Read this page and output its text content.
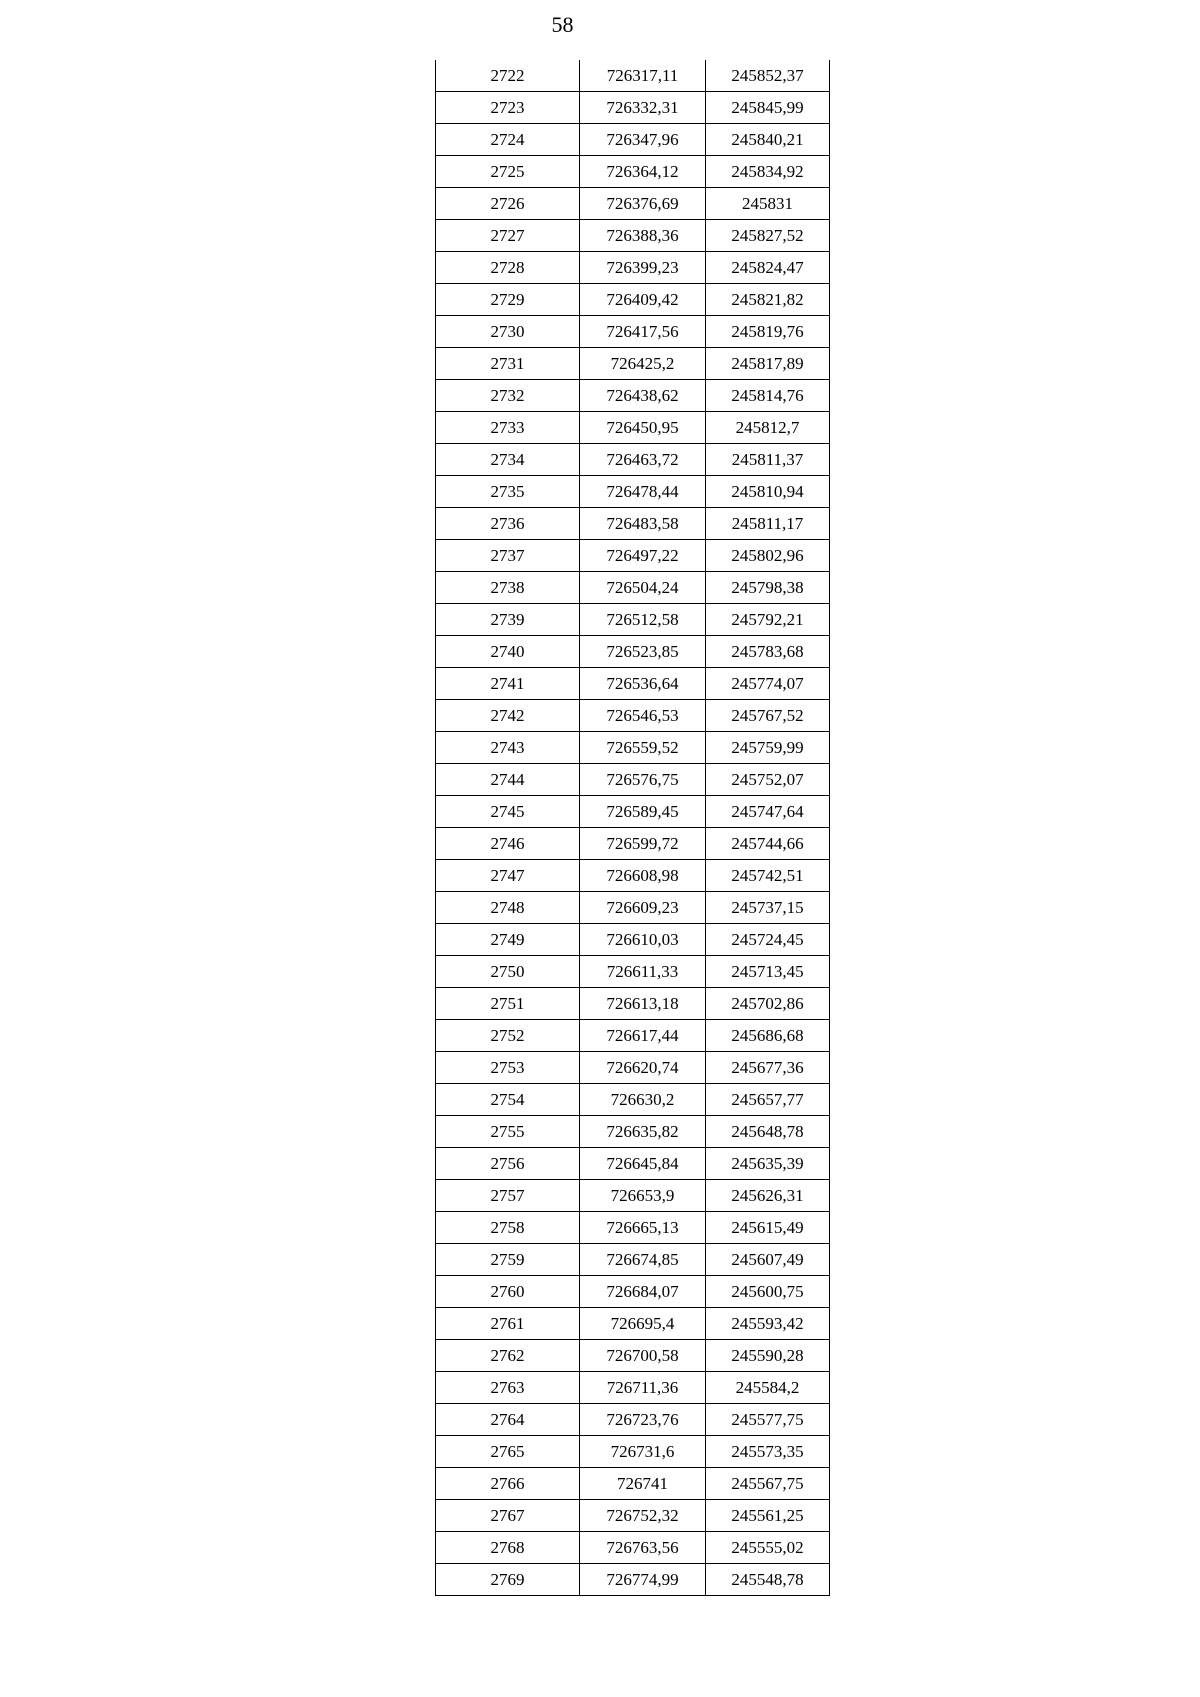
58
2722	726317,11	245852,37
2723	726332,31	245845,99
2724	726347,96	245840,21
2725	726364,12	245834,92
2726	726376,69	245831
2727	726388,36	245827,52
2728	726399,23	245824,47
2729	726409,42	245821,82
2730	726417,56	245819,76
2731	726425,2	245817,89
2732	726438,62	245814,76
2733	726450,95	245812,7
2734	726463,72	245811,37
2735	726478,44	245810,94
2736	726483,58	245811,17
2737	726497,22	245802,96
2738	726504,24	245798,38
2739	726512,58	245792,21
2740	726523,85	245783,68
2741	726536,64	245774,07
2742	726546,53	245767,52
2743	726559,52	245759,99
2744	726576,75	245752,07
2745	726589,45	245747,64
2746	726599,72	245744,66
2747	726608,98	245742,51
2748	726609,23	245737,15
2749	726610,03	245724,45
2750	726611,33	245713,45
2751	726613,18	245702,86
2752	726617,44	245686,68
2753	726620,74	245677,36
2754	726630,2	245657,77
2755	726635,82	245648,78
2756	726645,84	245635,39
2757	726653,9	245626,31
2758	726665,13	245615,49
2759	726674,85	245607,49
2760	726684,07	245600,75
2761	726695,4	245593,42
2762	726700,58	245590,28
2763	726711,36	245584,2
2764	726723,76	245577,75
2765	726731,6	245573,35
2766	726741	245567,75
2767	726752,32	245561,25
2768	726763,56	245555,02
2769	726774,99	245548,78
